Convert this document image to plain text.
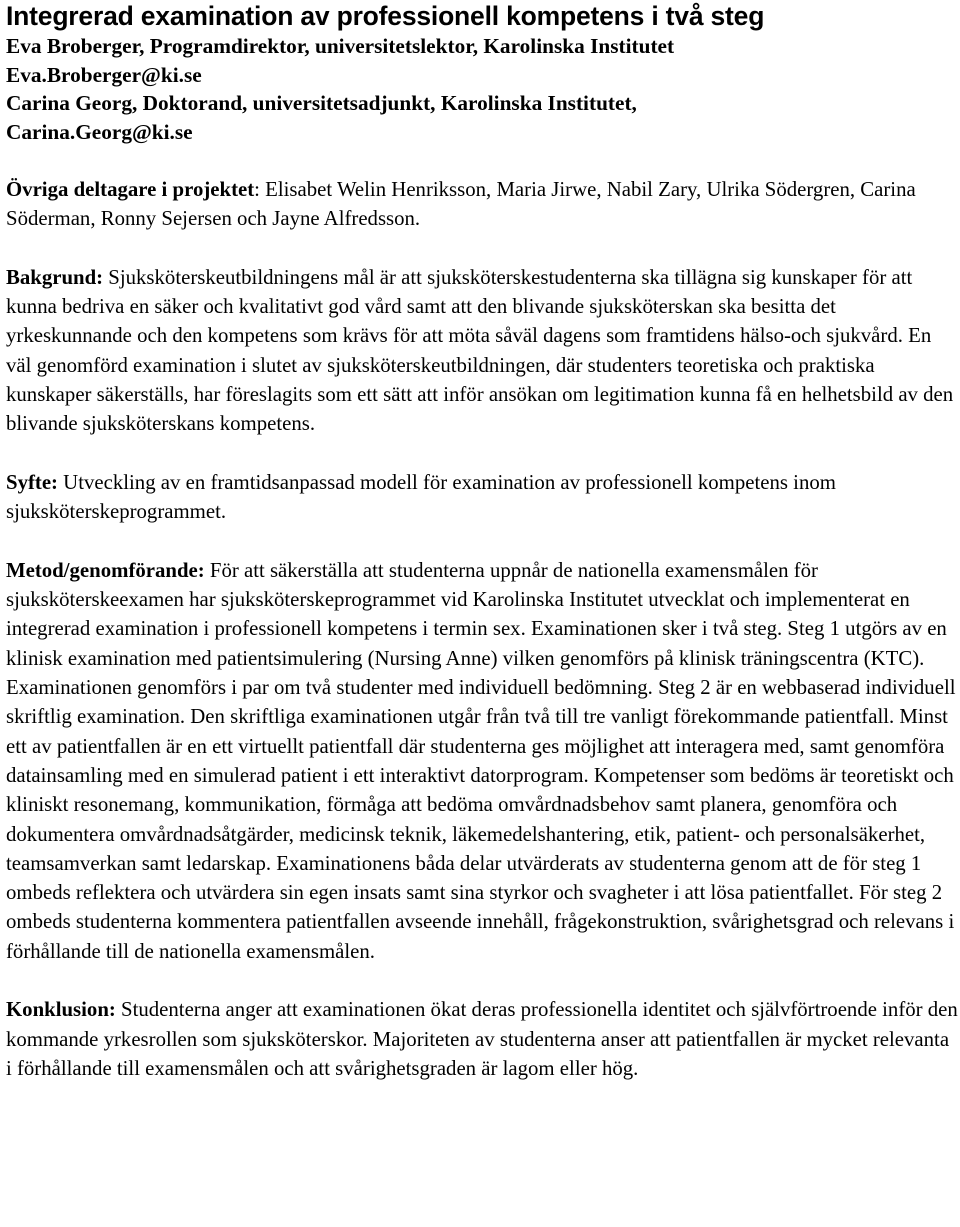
Integrerad examination av professionell kompetens i två steg

Eva Broberger, Programdirektor, universitetslektor, Karolinska Institutet

Eva.Broberger@ki.se

Carina Georg, Doktorand, universitetsadjunkt, Karolinska Institutet,

Carina.Georg@ki.se

Övriga deltagare i projektet: Elisabet Welin Henriksson, Maria Jirwe, Nabil Zary, Ulrika Södergren, Carina Söderman, Ronny Sejersen och Jayne Alfredsson.

Bakgrund: Sjuksköterskeutbildningens mål är att sjuksköterskestudenterna ska tillägna sig kunskaper för att kunna bedriva en säker och kvalitativt god vård samt att den blivande sjuksköterskan ska besitta det yrkeskunnande och den kompetens som krävs för att möta såväl dagens som framtidens hälso-och sjukvård. En väl genomförd examination i slutet av sjuksköterskeutbildningen, där studenters teoretiska och praktiska kunskaper säkerställs, har föreslagits som ett sätt att inför ansökan om legitimation kunna få en helhetsbild av den blivande sjuksköterskans kompetens.

Syfte: Utveckling av en framtidsanpassad modell för examination av professionell kompetens inom sjuksköterskeprogrammet.

Metod/genomförande: För att säkerställa att studenterna uppnår de nationella examensmålen för sjuksköterskeexamen har sjuksköterskeprogrammet vid Karolinska Institutet utvecklat och implementerat en integrerad examination i professionell kompetens i termin sex. Examinationen sker i två steg. Steg 1 utgörs av en klinisk examination med patientsimulering (Nursing Anne) vilken genomförs på klinisk träningscentra (KTC). Examinationen genomförs i par om två studenter med individuell bedömning. Steg 2 är en webbaserad individuell skriftlig examination. Den skriftliga examinationen utgår från två till tre vanligt förekommande patientfall. Minst ett av patientfallen är en ett virtuellt patientfall där studenterna ges möjlighet att interagera med, samt genomföra datainsamling med en simulerad patient i ett interaktivt datorprogram. Kompetenser som bedöms är teoretiskt och kliniskt resonemang, kommunikation, förmåga att bedöma omvårdnadsbehov samt planera, genomföra och dokumentera omvårdnadsåtgärder, medicinsk teknik, läkemedelshantering, etik, patient- och personalsäkerhet, teamsamverkan samt ledarskap. Examinationens båda delar utvärderats av studenterna genom att de för steg 1 ombeds reflektera och utvärdera sin egen insats samt sina styrkor och svagheter i att lösa patientfallet. För steg 2 ombeds studenterna kommentera patientfallen avseende innehåll, frågekonstruktion, svårighetsgrad och relevans i förhållande till de nationella examensmålen.

Konklusion: Studenterna anger att examinationen ökat deras professionella identitet och självförtroende inför den kommande yrkesrollen som sjuksköterskor. Majoriteten av studenterna anser att patientfallen är mycket relevanta i förhållande till examensmålen och att svårighetsgraden är lagom eller hög.
